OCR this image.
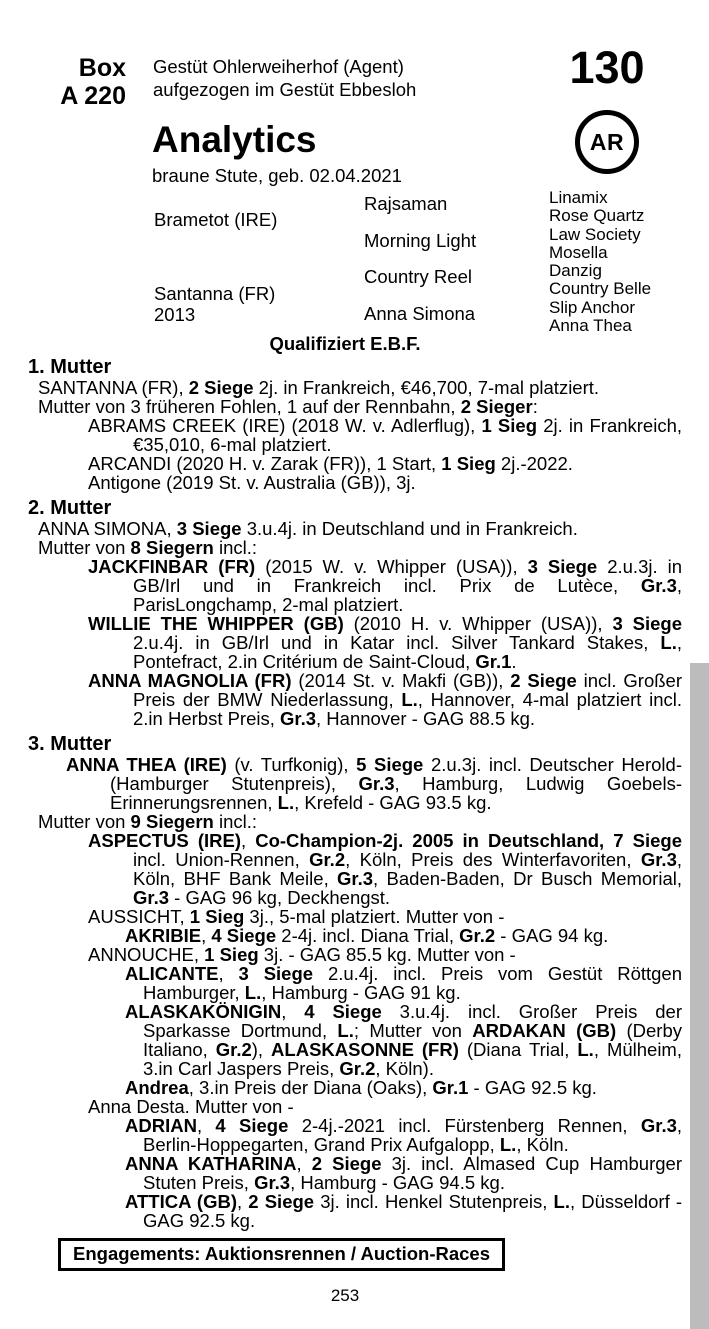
Box
A 220
Gestüt Ohlerweiherhof (Agent)
aufgezogen im Gestüt Ebbesloh	130
Analytics
braune Stute, geb. 02.04.2021
AR
Brametot (IRE)
Santanna (FR)
2013
Rajsaman
Morning Light
Country Reel
Anna Simona
Linamix
Rose Quartz
Law Society
Mosella
Danzig
Country Belle
Slip Anchor
Anna Thea
Qualifiziert E.B.F.
1. Mutter
SANTANNA (FR), 2 Siege 2j. in Frankreich, €46,700, 7-mal platziert.
Mutter von 3 früheren Fohlen, 1 auf der Rennbahn, 2 Sieger:
ABRAMS CREEK (IRE) (2018 W. v. Adlerflug), 1 Sieg 2j. in Frankreich, €35,010, 6-mal platziert.
ARCANDI (2020 H. v. Zarak (FR)), 1 Start, 1 Sieg 2j.-2022.
Antigone (2019 St. v. Australia (GB)), 3j.
2. Mutter
ANNA SIMONA, 3 Siege 3.u.4j. in Deutschland und in Frankreich.
Mutter von 8 Siegern incl.:
JACKFINBAR (FR) (2015 W. v. Whipper (USA)), 3 Siege 2.u.3j. in GB/Irl und in Frankreich incl. Prix de Lutèce, Gr.3, ParisLongchamp, 2-mal platziert.
WILLIE THE WHIPPER (GB) (2010 H. v. Whipper (USA)), 3 Siege 2.u.4j. in GB/Irl und in Katar incl. Silver Tankard Stakes, L., Pontefract, 2.in Critérium de Saint-Cloud, Gr.1.
ANNA MAGNOLIA (FR) (2014 St. v. Makfi (GB)), 2 Siege incl. Großer Preis der BMW Niederlassung, L., Hannover, 4-mal platziert incl. 2.in Herbst Preis, Gr.3, Hannover - GAG 88.5 kg.
3. Mutter
ANNA THEA (IRE) (v. Turfkonig), 5 Siege 2.u.3j. incl. Deutscher Herold-(Hamburger Stutenpreis), Gr.3, Hamburg, Ludwig Goebels-Erinnerungsrennen, L., Krefeld - GAG 93.5 kg.
Mutter von 9 Siegern incl.:
ASPECTUS (IRE), Co-Champion-2j. 2005 in Deutschland, 7 Siege incl. Union-Rennen, Gr.2, Köln, Preis des Winterfavoriten, Gr.3, Köln, BHF Bank Meile, Gr.3, Baden-Baden, Dr Busch Memorial, Gr.3 - GAG 96 kg, Deckhengst.
AUSSICHT, 1 Sieg 3j., 5-mal platziert. Mutter von -
AKRIBIE, 4 Siege 2-4j. incl. Diana Trial, Gr.2 - GAG 94 kg.
ANNOUCHE, 1 Sieg 3j. - GAG 85.5 kg. Mutter von -
ALICANTE, 3 Siege 2.u.4j. incl. Preis vom Gestüt Röttgen Hamburger, L., Hamburg - GAG 91 kg.
ALASKAKÖNIGIN, 4 Siege 3.u.4j. incl. Großer Preis der Sparkasse Dortmund, L.; Mutter von ARDAKAN (GB) (Derby Italiano, Gr.2), ALASKASONNE (FR) (Diana Trial, L., Mülheim, 3.in Carl Jaspers Preis, Gr.2, Köln).
Andrea, 3.in Preis der Diana (Oaks), Gr.1 - GAG 92.5 kg.
Anna Desta. Mutter von -
ADRIAN, 4 Siege 2-4j.-2021 incl. Fürstenberg Rennen, Gr.3, Berlin-Hoppegarten, Grand Prix Aufgalopp, L., Köln.
ANNA KATHARINA, 2 Siege 3j. incl. Almased Cup Hamburger Stuten Preis, Gr.3, Hamburg - GAG 94.5 kg.
ATTICA (GB), 2 Siege 3j. incl. Henkel Stutenpreis, L., Düsseldorf - GAG 92.5 kg.
Engagements: Auktionsrennen / Auction-Races
253
